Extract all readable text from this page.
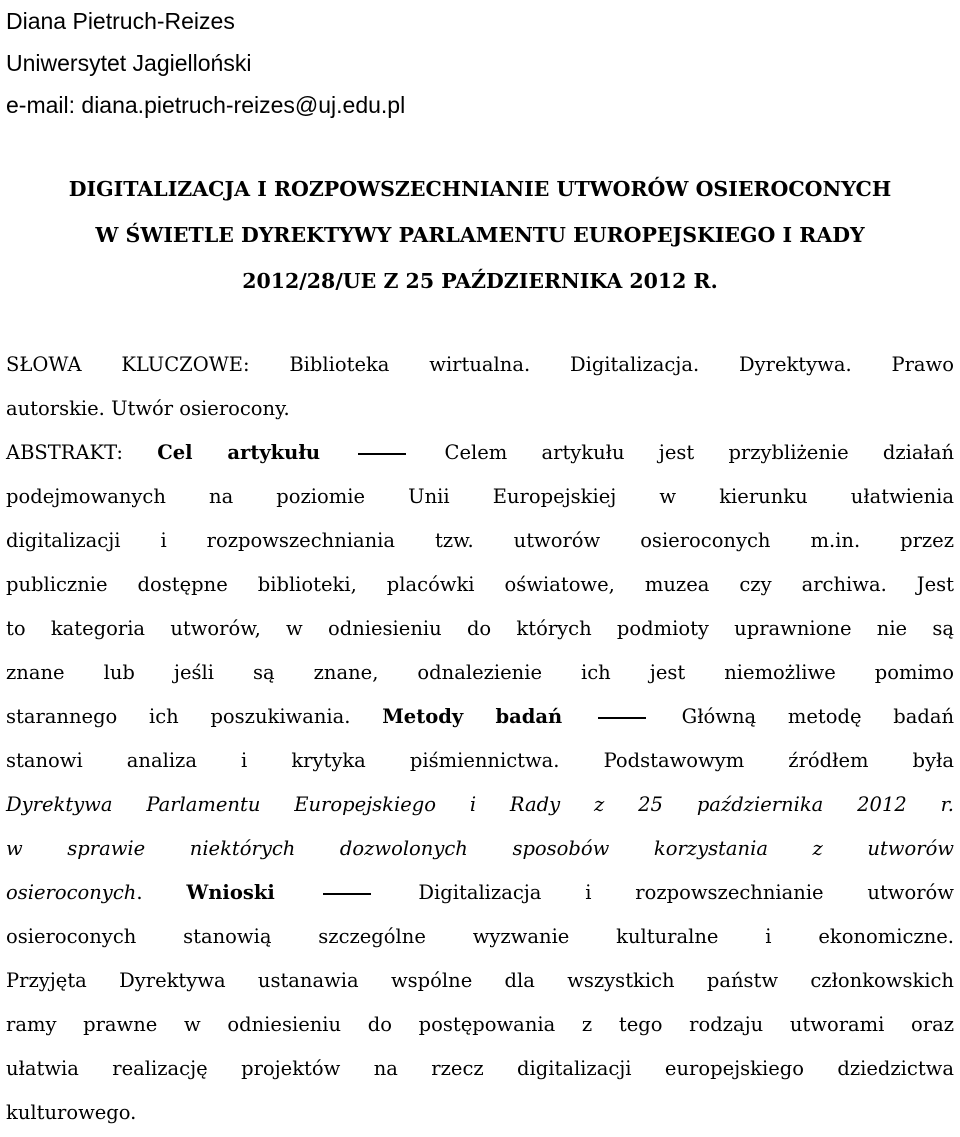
Diana Pietruch-Reizes
Uniwersytet Jagielloński
e-mail: diana.pietruch-reizes@uj.edu.pl
DIGITALIZACJA I ROZPOWSZECHNIANIE UTWORÓW OSIEROCONYCH
W ŚWIETLE DYREKTYWY PARLAMENTU EUROPEJSKIEGO I RADY
2012/28/UE Z 25 PAŹDZIERNIKA 2012 R.
SŁOWA KLUCZOWE: Biblioteka wirtualna. Digitalizacja. Dyrektywa. Prawo
autorskie. Utwór osierocony.
ABSTRAKT: Cel artykułu	Celem artykułu jest przybliżenie działań
podejmowanych na poziomie Unii Europejskiej w kierunku ułatwienia
digitalizacji i rozpowszechniania tzw. utworów osieroconych m.in. przez
publicznie dostępne biblioteki, placówki oświatowe, muzea czy archiwa. Jest
to kategoria utworów, w odniesieniu do których podmioty uprawnione nie są
znane lub jeśli są znane, odnalezienie ich jest niemożliwe pomimo
starannego ich poszukiwania. Metody badań	Główną metodę badań
stanowi analiza i krytyka piśmiennictwa. Podstawowym źródłem była
Dyrektywa Parlamentu Europejskiego i Rady z 25 października 2012 r.
w sprawie niektórych dozwolonych sposobów korzystania z utworów
osieroconych. Wnioski	Digitalizacja i rozpowszechnianie utworów
osieroconych stanowią szczególne wyzwanie kulturalne i ekonomiczne.
Przyjęta Dyrektywa ustanawia wspólne dla wszystkich państw członkowskich
ramy prawne w odniesieniu do postępowania z tego rodzaju utworami oraz
ułatwia realizację projektów na rzecz digitalizacji europejskiego dziedzictwa
kulturowego.
